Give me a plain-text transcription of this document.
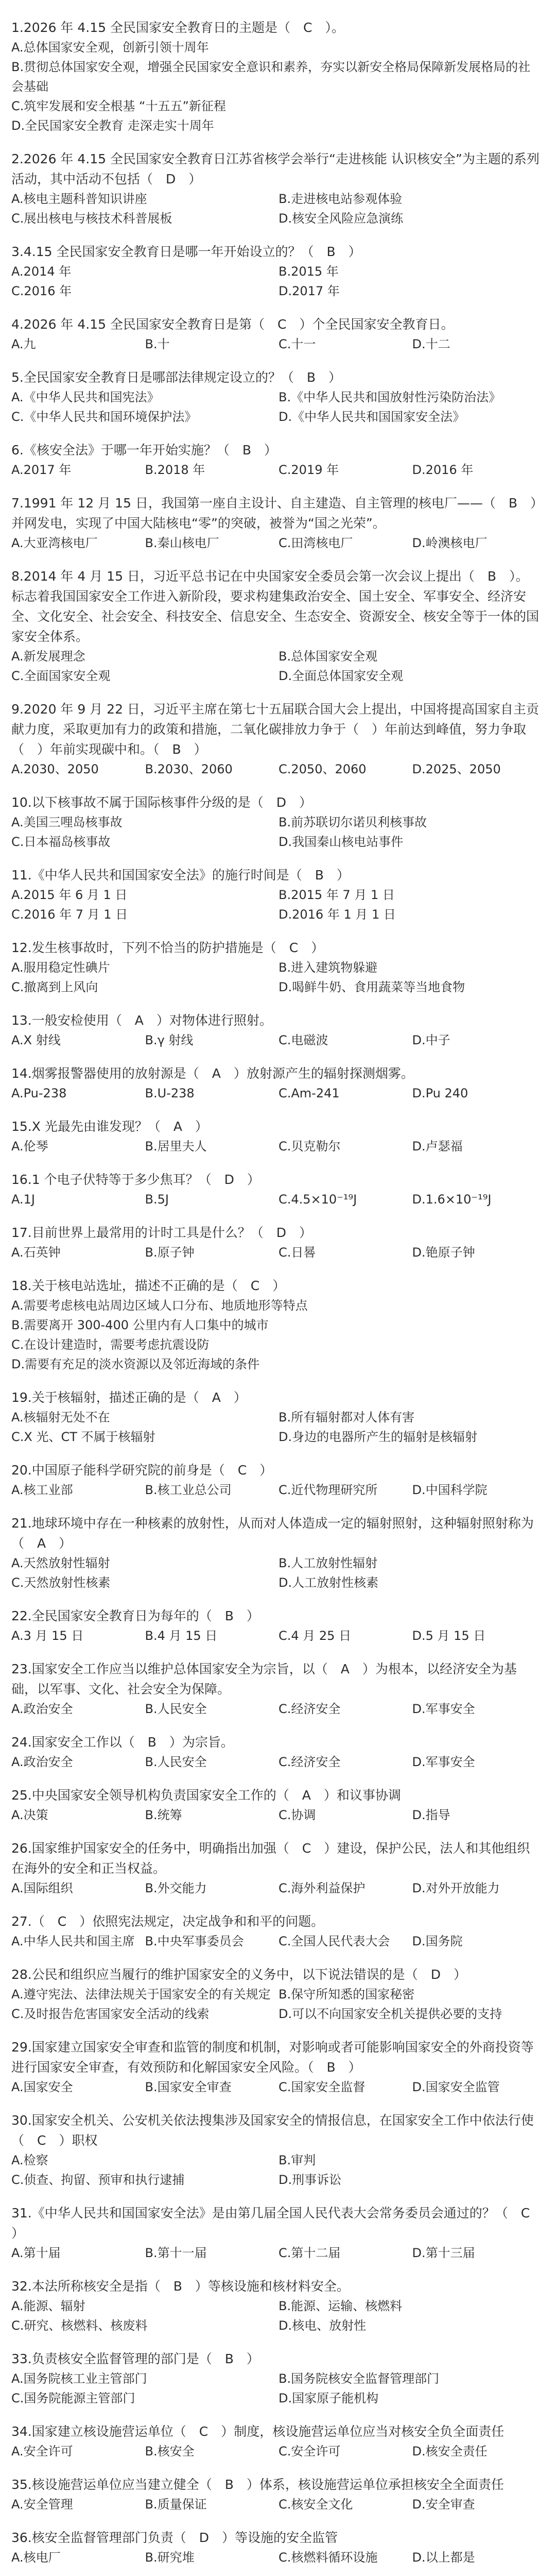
1.2026 年 4.15 全民国家安全教育日的主题是（　C　）。

A.总体国家安全观，创新引领十周年

B.贯彻总体国家安全观，增强全民国家安全意识和素养，夯实以新安全格局保障新发展格局的社会基础

C.筑牢发展和安全根基 “十五五”新征程

D.全民国家安全教育 走深走实十周年

2.2026 年 4.15 全民国家安全教育日江苏省核学会举行“走进核能 认识核安全”为主题的系列活动，其中活动不包括（　D　）

A.核电主题科普知识讲座	B.走进核电站参观体验

C.展出核电与核技术科普展板	D.核安全风险应急演练

3.4.15 全民国家安全教育日是哪一年开始设立的？（　B　）

A.2014 年	B.2015 年

C.2016 年	D.2017 年

4.2026 年 4.15 全民国家安全教育日是第（　C　）个全民国家安全教育日。

A.九	B.十	C.十一	D.十二

5.全民国家安全教育日是哪部法律规定设立的？（　B　）

A.《中华人民共和国宪法》	B.《中华人民共和国放射性污染防治法》

C.《中华人民共和国环境保护法》	D.《中华人民共和国国家安全法》

6.《核安全法》于哪一年开始实施？（　B　）

A.2017 年	B.2018 年	C.2019 年	D.2016 年

7.1991 年 12 月 15 日，我国第一座自主设计、自主建造、自主管理的核电厂——（　B　）并网发电，实现了中国大陆核电“零”的突破，被誉为“国之光荣”。

A.大亚湾核电厂	B.秦山核电厂	C.田湾核电厂	D.岭澳核电厂

8.2014 年 4 月 15 日，习近平总书记在中央国家安全委员会第一次会议上提出（　B　）。标志着我国国家安全工作进入新阶段，要求构建集政治安全、国土安全、军事安全、经济安全、文化安全、社会安全、科技安全、信息安全、生态安全、资源安全、核安全等于一体的国家安全体系。

A.新发展理念	B.总体国家安全观

C.全面国家安全观	D.全面总体国家安全观

9.2020 年 9 月 22 日，习近平主席在第七十五届联合国大会上提出，中国将提高国家自主贡献力度，采取更加有力的政策和措施，二氧化碳排放力争于（　）年前达到峰值，努力争取（　）年前实现碳中和。（　B　）

A.2030、2050	B.2030、2060	C.2050、2060	D.2025、2050

10.以下核事故不属于国际核事件分级的是（　D　）

A.美国三哩岛核事故	B.前苏联切尔诺贝利核事故

C.日本福岛核事故	D.我国秦山核电站事件

11.《中华人民共和国国家安全法》的施行时间是（　B　）

A.2015 年 6 月 1 日	B.2015 年 7 月 1 日

C.2016 年 7 月 1 日	D.2016 年 1 月 1 日

12.发生核事故时，下列不恰当的防护措施是（　C　）

A.服用稳定性碘片	B.进入建筑物躲避

C.撤离到上风向	D.喝鲜牛奶、食用蔬菜等当地食物

13.一般安检使用（　A　）对物体进行照射。

A.X 射线	B.γ 射线	C.电磁波	D.中子

14.烟雾报警器使用的放射源是（　A　）放射源产生的辐射探测烟雾。

A.Pu-238	B.U-238	C.Am-241	D.Pu 240

15.X 光最先由谁发现？（　A　）

A.伦琴	B.居里夫人	C.贝克勒尔	D.卢瑟福

16.1 个电子伏特等于多少焦耳？（　D　）

A.1J	B.5J	C.4.5×10⁻¹⁹J	D.1.6×10⁻¹⁹J

17.目前世界上最常用的计时工具是什么？（　D　）

A.石英钟	B.原子钟	C.日晷	D.铯原子钟

18.关于核电站选址，描述不正确的是（　C　）

A.需要考虑核电站周边区域人口分布、地质地形等特点

B.需要离开 300-400 公里内有人口集中的城市

C.在设计建造时，需要考虑抗震设防

D.需要有充足的淡水资源以及邻近海域的条件

19.关于核辐射，描述正确的是（　A　）

A.核辐射无处不在	B.所有辐射都对人体有害

C.X 光、CT 不属于核辐射	D.身边的电器所产生的辐射是核辐射

20.中国原子能科学研究院的前身是（　C　）

A.核工业部	B.核工业总公司	C.近代物理研究所	D.中国科学院

21.地球环境中存在一种核素的放射性，从而对人体造成一定的辐射照射，这种辐射照射称为（　A　）

A.天然放射性辐射	B.人工放射性辐射

C.天然放射性核素	D.人工放射性核素

22.全民国家安全教育日为每年的（　B　）

A.3 月 15 日	B.4 月 15 日	C.4 月 25 日	D.5 月 15 日

23.国家安全工作应当以维护总体国家安全为宗旨，以（　A　）为根本，以经济安全为基础，以军事、文化、社会安全为保障。

A.政治安全	B.人民安全	C.经济安全	D.军事安全

24.国家安全工作以（　B　）为宗旨。

A.政治安全	B.人民安全	C.经济安全	D.军事安全

25.中央国家安全领导机构负责国家安全工作的（　A　）和议事协调

A.决策	B.统筹	C.协调	D.指导

26.国家维护国家安全的任务中，明确指出加强（　C　）建设，保护公民，法人和其他组织在海外的安全和正当权益。

A.国际组织	B.外交能力	C.海外利益保护	D.对外开放能力

27.（　C　）依照宪法规定，决定战争和和平的问题。

A.中华人民共和国主席 B.中央军事委员会	C.全国人民代表大会	D.国务院

28.公民和组织应当履行的维护国家安全的义务中，以下说法错误的是（　D　）

A.遵守宪法、法律法规关于国家安全的有关规定 B.保守所知悉的国家秘密

C.及时报告危害国家安全活动的线索	D.可以不向国家安全机关提供必要的支持

29.国家建立国家安全审查和监管的制度和机制，对影响或者可能影响国家安全的外商投资等进行国家安全审查，有效预防和化解国家安全风险。（　B　）

A.国家安全	B.国家安全审查	C.国家安全监督	D.国家安全监管

30.国家安全机关、公安机关依法搜集涉及国家安全的情报信息，在国家安全工作中依法行使（　C　）职权

A.检察	B.审判

C.侦查、拘留、预审和执行逮捕	D.刑事诉讼

31.《中华人民共和国国家安全法》是由第几届全国人民代表大会常务委员会通过的？（　C　）

A.第十届	B.第十一届	C.第十二届	D.第十三届

32.本法所称核安全是指（　B　）等核设施和核材料安全。

A.能源、辐射	B.能源、运输、核燃料

C.研究、核燃料、核废料	D.核电、放射性

33.负责核安全监督管理的部门是（　B　）

A.国务院核工业主管部门	B.国务院核安全监督管理部门

C.国务院能源主管部门	D.国家原子能机构

34.国家建立核设施营运单位（　C　）制度，核设施营运单位应当对核安全负全面责任

A.安全许可	B.核安全	C.安全许可	D.核安全责任

35.核设施营运单位应当建立健全（　B　）体系，核设施营运单位承担核安全全面责任

A.安全管理	B.质量保证	C.核安全文化	D.安全审查

36.核安全监督管理部门负责（　D　）等设施的安全监管

A.核电厂	B.研究堆	C.核燃料循环设施	D.以上都是
